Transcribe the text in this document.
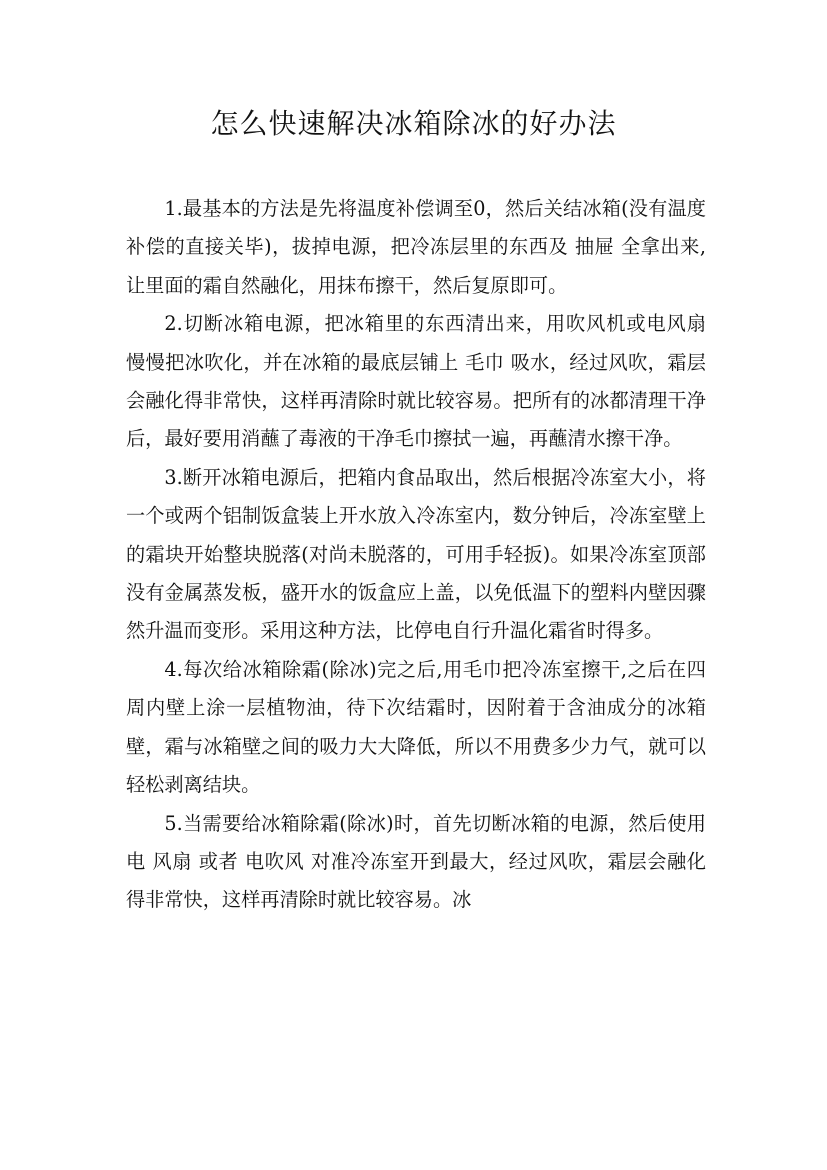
怎么快速解决冰箱除冰的好办法

1.最基本的方法是先将温度补偿调至0，然后关结冰箱(没有温度补偿的直接关毕)，拔掉电源，把冷冻层里的东西及 抽屉 全拿出来,让里面的霜自然融化，用抹布擦干，然后复原即可。

2.切断冰箱电源，把冰箱里的东西清出来，用吹风机或电风扇 慢慢把冰吹化，并在冰箱的最底层铺上 毛巾 吸水，经过风吹，霜层会融化得非常快，这样再清除时就比较容易。把所有的冰都清理干净后，最好要用消蘸了毒液的干净毛巾擦拭一遍，再蘸清水擦干净。

3.断开冰箱电源后，把箱内食品取出，然后根据冷冻室大小，将一个或两个铝制饭盒装上开水放入冷冻室内，数分钟后，冷冻室壁上的霜块开始整块脱落(对尚未脱落的，可用手轻扳)。如果冷冻室顶部没有金属蒸发板，盛开水的饭盒应上盖，以免低温下的塑料内壁因骤然升温而变形。采用这种方法，比停电自行升温化霜省时得多。

4.每次给冰箱除霜(除冰)完之后,用毛巾把冷冻室擦干,之后在四周内壁上涂一层植物油，待下次结霜时，因附着于含油成分的冰箱壁，霜与冰箱壁之间的吸力大大降低，所以不用费多少力气，就可以轻松剥离结块。

5.当需要给冰箱除霜(除冰)时，首先切断冰箱的电源，然后使用电 风扇 或者 电吹风 对准冷冻室开到最大，经过风吹，霜层会融化得非常快，这样再清除时就比较容易。冰
